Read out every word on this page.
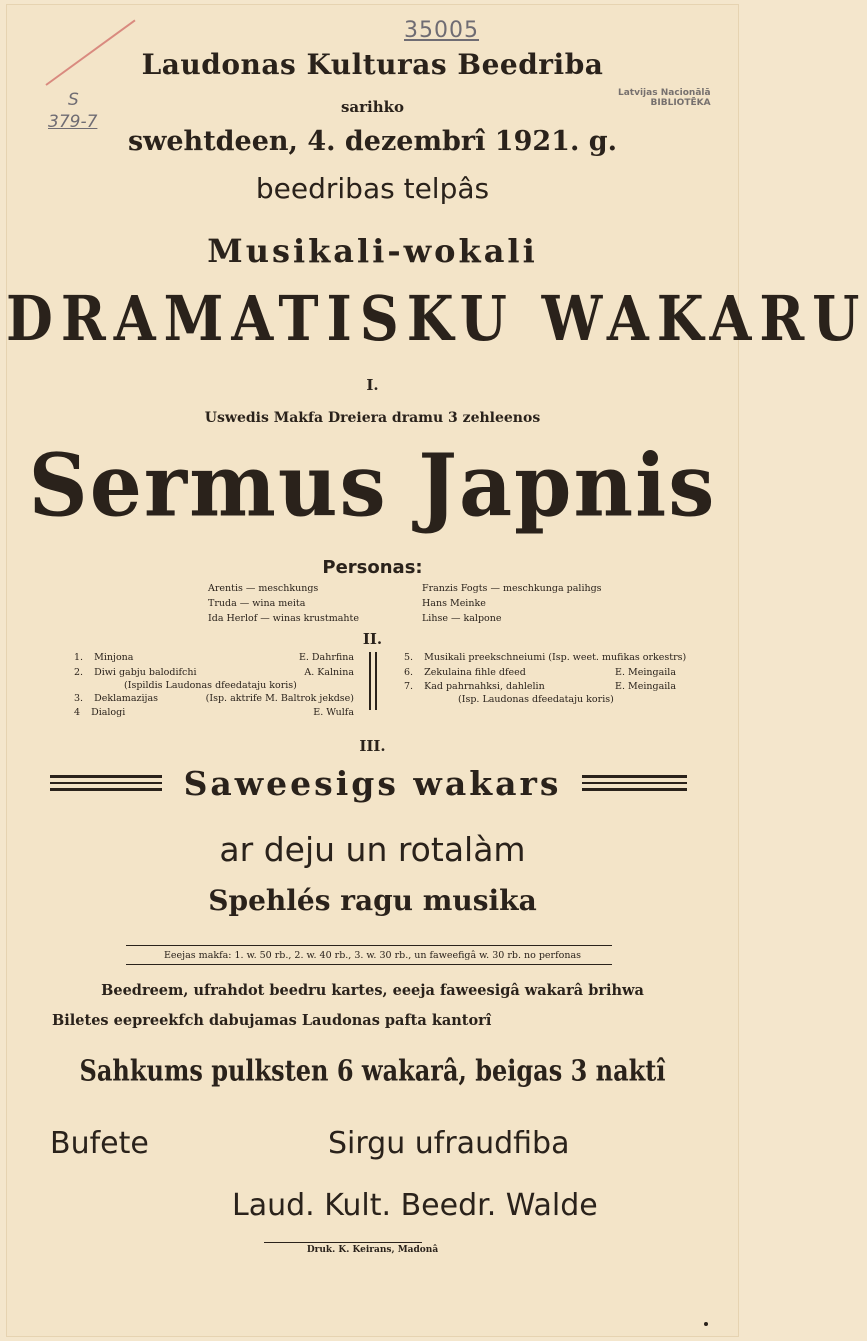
35005
S
379-7
Latvijas Nacionālā
BIBLIOTĒKA
Laudonas Kulturas Beedriba
sarihko
swehtdeen, 4. dezembrî 1921. g.
beedribas telpâs
Musikali-wokali
DRAMATISKU WAKARU
I.
Uswedis Makfa Dreiera dramu 3 zehleenos
Sermus Japnis
Personas:
Arentis — meschkungs
Truda — wina meita
Ida Herlof — winas krustmahte
Franzis Fogts — meschkunga palihgs
Hans Meinke
Lihse — kalpone
II.
1. Minjona	E. Dahrfina
2. Diwi gabju balodifchi	A. Kalnina
(Ispildis Laudonas dfeedataju koris)
3. Deklamazijas	(Isp. aktrife M. Baltrok jekdse)
4 Dialogi	E. Wulfa
5. Musikali preekschneiumi (Isp. weet. mufikas orkestrs)
6. Zekulaina fihle dfeed	E. Meingaila
7. Kad pahrnahksi, dahlelin	E. Meingaila
(Isp. Laudonas dfeedataju koris)
III.
Saweesigs wakars
ar deju un rotalàm
Spehlés ragu musika
Eeejas makfa: 1. w. 50 rb., 2. w. 40 rb., 3. w. 30 rb., un faweefigâ w. 30 rb. no perfonas
Beedreem, ufrahdot beedru kartes, eeeja faweesigâ wakarâ brihwa
Biletes eepreekfch dabujamas Laudonas pafta kantorî
Sahkums pulksten 6 wakarâ, beigas 3 naktî
Bufete	Sirgu ufraudfiba
Laud. Kult. Beedr. Walde
Druk. K. Keirans, Madonâ
